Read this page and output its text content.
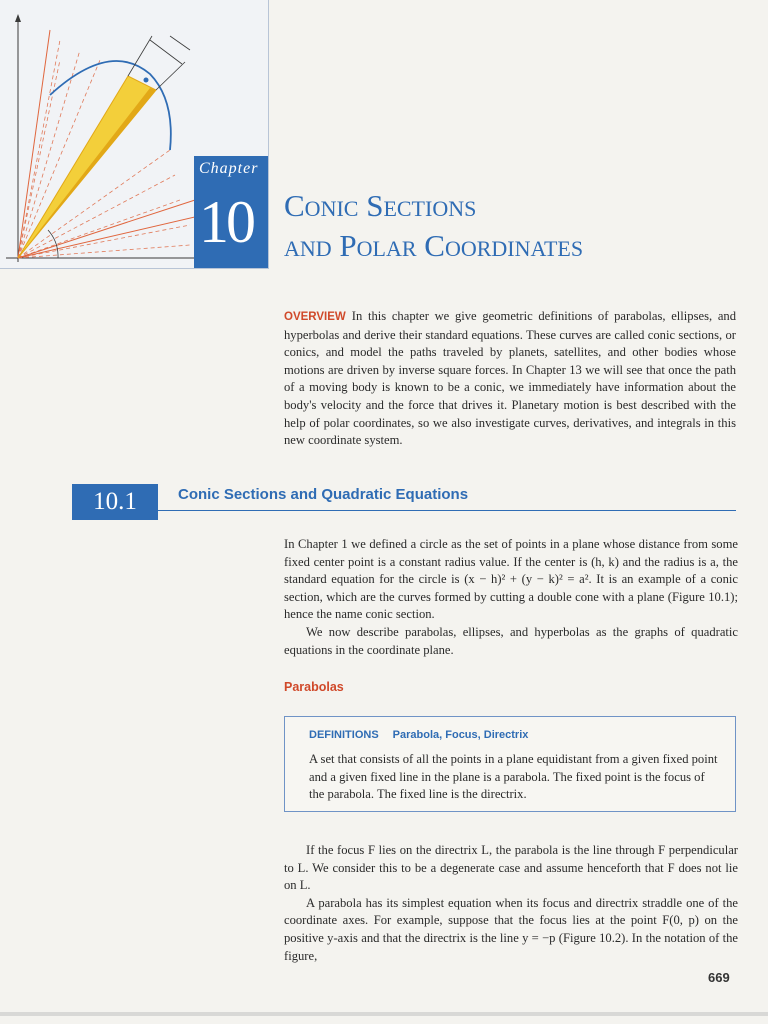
Chapter
10 Conic Sections
and Polar Coordinates
OVERVIEW In this chapter we give geometric definitions of parabolas, ellipses, and hyperbolas and derive their standard equations. These curves are called conic sections, or conics, and model the paths traveled by planets, satellites, and other bodies whose motions are driven by inverse square forces. In Chapter 13 we will see that once the path of a moving body is known to be a conic, we immediately have information about the body's velocity and the force that drives it. Planetary motion is best described with the help of polar coordinates, so we also investigate curves, derivatives, and integrals in this new coordinate system.
10.1	Conic Sections and Quadratic Equations

In Chapter 1 we defined a circle as the set of points in a plane whose distance from some fixed center point is a constant radius value. If the center is (h, k) and the radius is a, the standard equation for the circle is (x − h)² + (y − k)² = a². It is an example of a conic section, which are the curves formed by cutting a double cone with a plane (Figure 10.1); hence the name conic section.

We now describe parabolas, ellipses, and hyperbolas as the graphs of quadratic equations in the coordinate plane.

Parabolas
DEFINITIONS Parabola, Focus, Directrix
A set that consists of all the points in a plane equidistant from a given fixed point and a given fixed line in the plane is a parabola. The fixed point is the focus of the parabola. The fixed line is the directrix.

If the focus F lies on the directrix L, the parabola is the line through F perpendicular to L. We consider this to be a degenerate case and assume henceforth that F does not lie on L.

A parabola has its simplest equation when its focus and directrix straddle one of the coordinate axes. For example, suppose that the focus lies at the point F(0, p) on the positive y-axis and that the directrix is the line y = −p (Figure 10.2). In the notation of the figure,

669
